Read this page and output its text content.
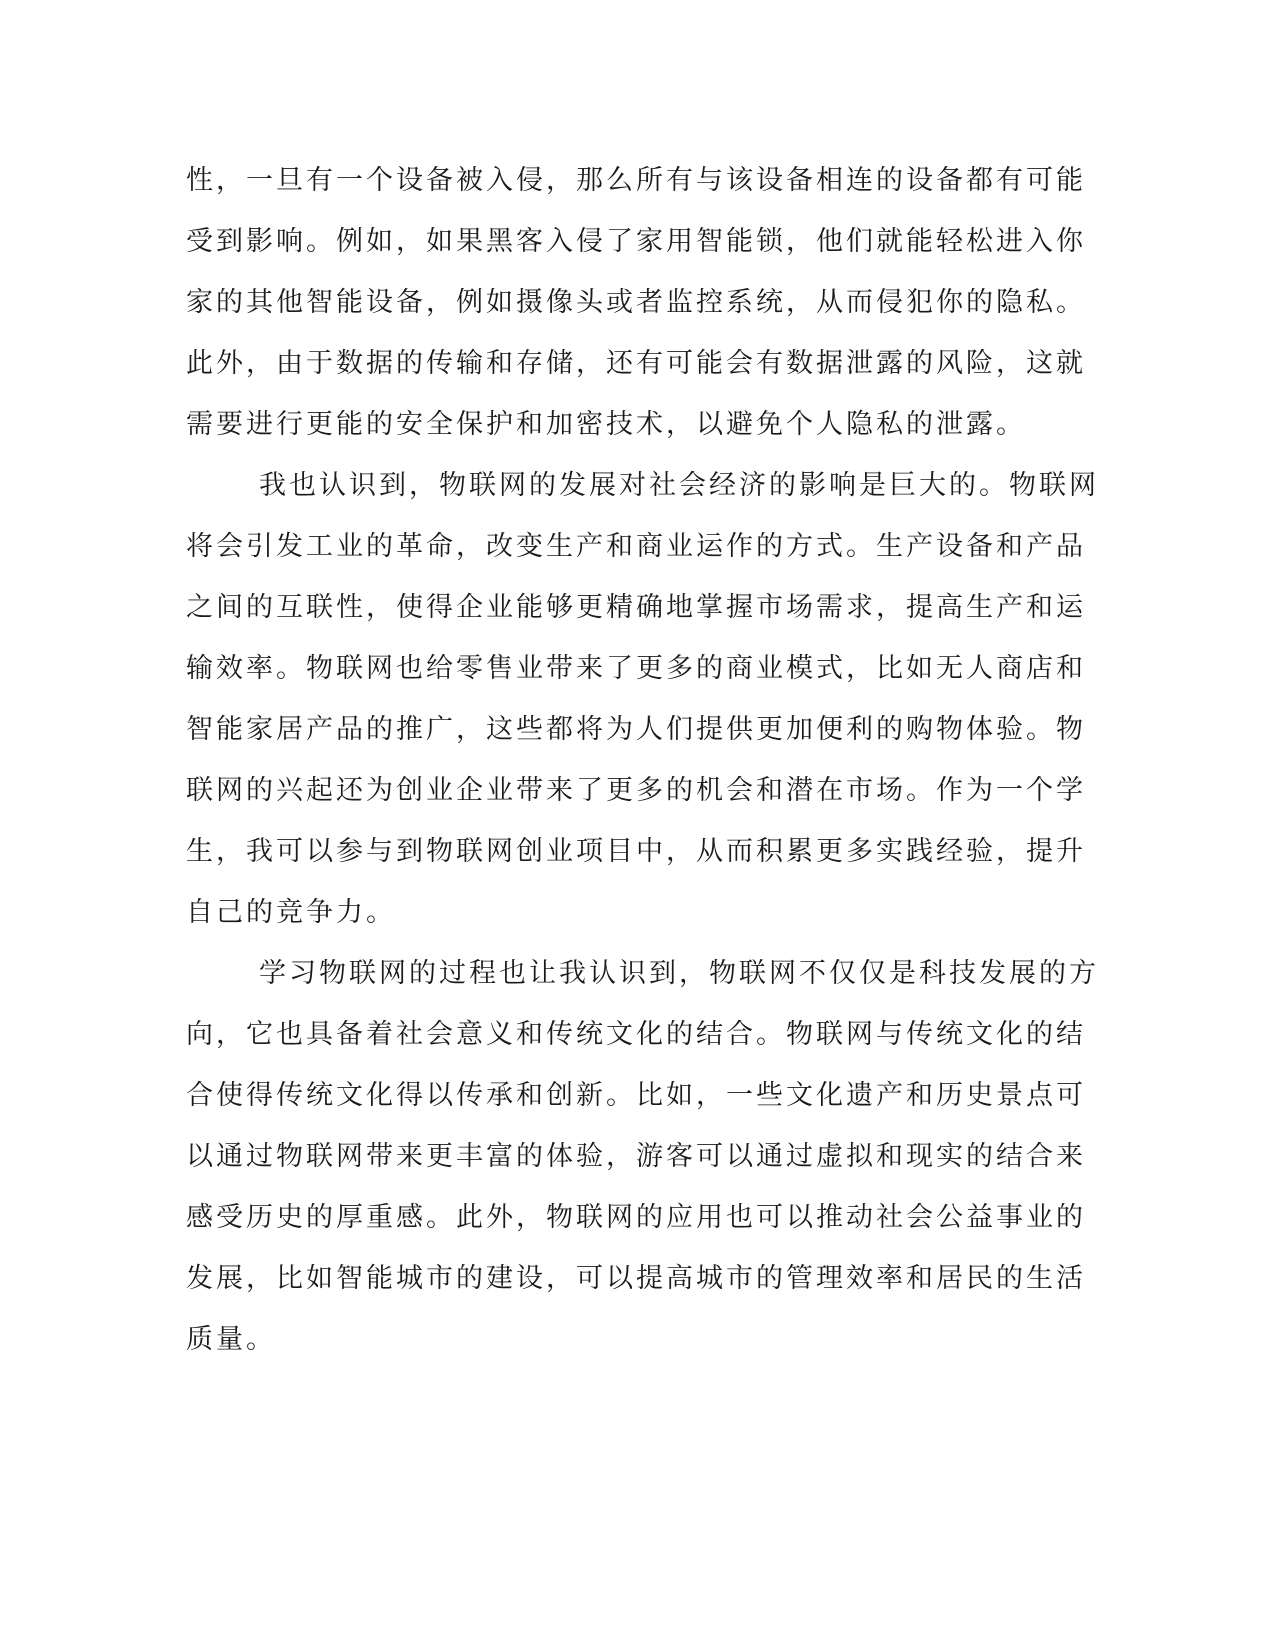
性，一旦有一个设备被入侵，那么所有与该设备相连的设备都有可能
受到影响。例如，如果黑客入侵了家用智能锁，他们就能轻松进入你
家的其他智能设备，例如摄像头或者监控系统，从而侵犯你的隐私。
此外，由于数据的传输和存储，还有可能会有数据泄露的风险，这就
需要进行更能的安全保护和加密技术，以避免个人隐私的泄露。
我也认识到，物联网的发展对社会经济的影响是巨大的。物联网
将会引发工业的革命，改变生产和商业运作的方式。生产设备和产品
之间的互联性，使得企业能够更精确地掌握市场需求，提高生产和运
输效率。物联网也给零售业带来了更多的商业模式，比如无人商店和
智能家居产品的推广，这些都将为人们提供更加便利的购物体验。物
联网的兴起还为创业企业带来了更多的机会和潜在市场。作为一个学
生，我可以参与到物联网创业项目中，从而积累更多实践经验，提升
自己的竞争力。
学习物联网的过程也让我认识到，物联网不仅仅是科技发展的方
向，它也具备着社会意义和传统文化的结合。物联网与传统文化的结
合使得传统文化得以传承和创新。比如，一些文化遗产和历史景点可
以通过物联网带来更丰富的体验，游客可以通过虚拟和现实的结合来
感受历史的厚重感。此外，物联网的应用也可以推动社会公益事业的
发展，比如智能城市的建设，可以提高城市的管理效率和居民的生活
质量。
